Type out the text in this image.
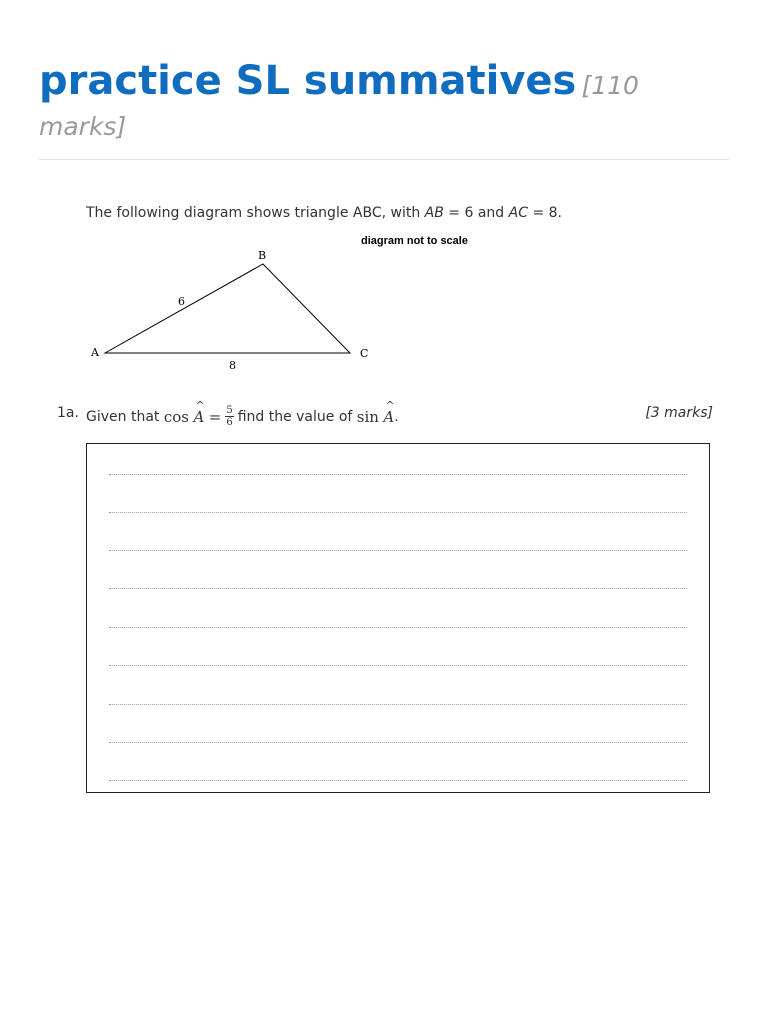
practice SL summatives [110 marks]
The following diagram shows triangle ABC, with AB = 6 and AC = 8.
diagram not to scale
A
B
C
6
8
1a. Given that
cos
^ A
= $\frac{5}{6}$ find the value of
sin
^ A .	[3 marks]
